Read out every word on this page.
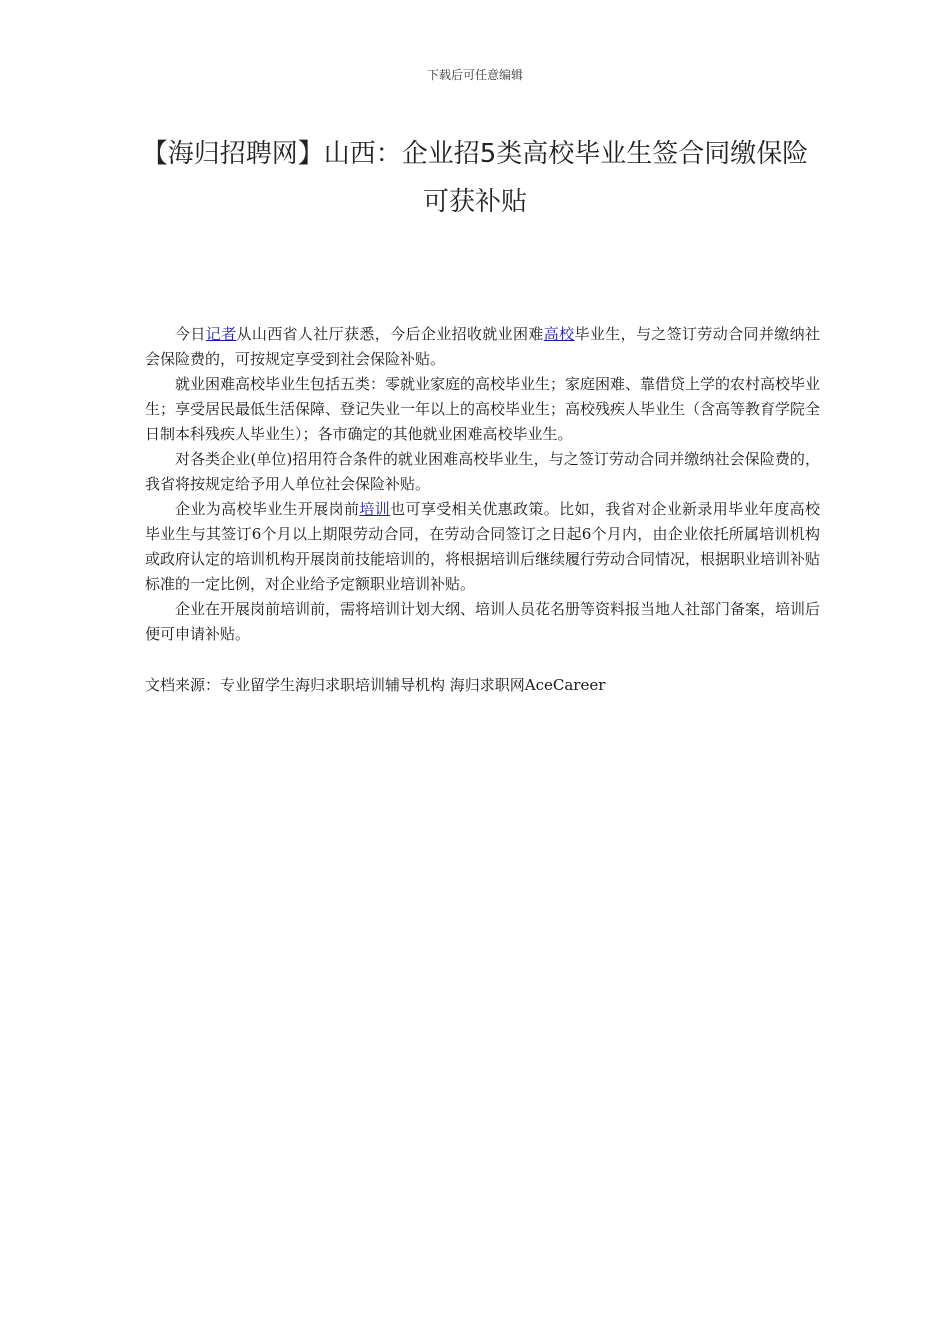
下载后可任意编辑
【海归招聘网】山西：企业招5类高校毕业生签合同缴保险可获补贴

今日记者从山西省人社厅获悉，今后企业招收就业困难高校毕业生，与之签订劳动合同并缴纳社会保险费的，可按规定享受到社会保险补贴。

就业困难高校毕业生包括五类：零就业家庭的高校毕业生；家庭困难、靠借贷上学的农村高校毕业生；享受居民最低生活保障、登记失业一年以上的高校毕业生；高校残疾人毕业生（含高等教育学院全日制本科残疾人毕业生）；各市确定的其他就业困难高校毕业生。

对各类企业(单位)招用符合条件的就业困难高校毕业生，与之签订劳动合同并缴纳社会保险费的，我省将按规定给予用人单位社会保险补贴。

企业为高校毕业生开展岗前培训也可享受相关优惠政策。比如，我省对企业新录用毕业年度高校毕业生与其签订6个月以上期限劳动合同，在劳动合同签订之日起6个月内，由企业依托所属培训机构或政府认定的培训机构开展岗前技能培训的，将根据培训后继续履行劳动合同情况，根据职业培训补贴标准的一定比例，对企业给予定额职业培训补贴。

企业在开展岗前培训前，需将培训计划大纲、培训人员花名册等资料报当地人社部门备案，培训后便可申请补贴。

文档来源：专业留学生海归求职培训辅导机构 海归求职网AceCareer
